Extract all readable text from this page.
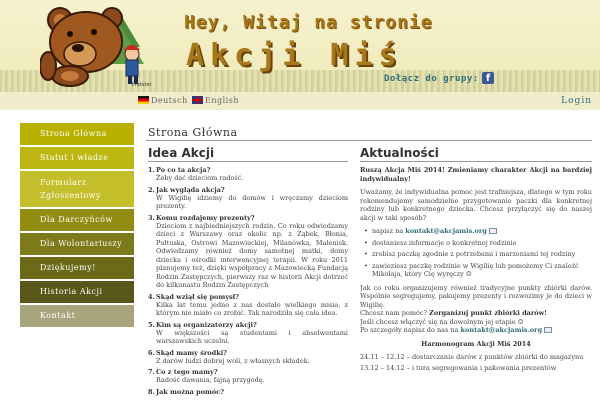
Pretstel
Hey, Witaj na stronie
Akcji Miś
Dołącz do grupy: f
Deutsch	English	Login
Strona Główna
Statut i władze
Formularz
Zgłoszeniowy
Dla Darczyńców
Dla Wolontariuszy
Dziękujemy!
Historia Akcji
Kontakt
Strona Główna
Idea Akcji	Aktualności
1. Po co ta akcja?
Żeby dać dzieciom radość.
2. Jak wygląda akcja?
W Wigilię idziemy do domów i wręczamy dzieciom prezenty.
3. Komu rozdajemy prezenty?
Dzieciom z najbiedniejszych rodzin. Co roku odwiedzamy dzieci z Warszawy oraz okolic np. z Ząbek, Błonia, Pułtuska, Ostrowi Mazowieckiej, Milanówka, Malenisk. Odwiedzamy również domy samotnej matki, domy dziecka i ośrodki interwencyjnej terapii. W roku 2011 planujemy też, dzięki współpracy z Mazowiecką Fundacją Rodzin Zastępczych, pierwszy raz w historii Akcji dotrzeć do kilkunastu Rodzin Zastępczych
4. Skąd wziął się pomysł?
Kilka lat temu jedno z nas dostało wielkiego misia, z którym nie miało co zrobić. Tak narodziła się cała idea.
5. Kim są organizatorzy akcji?
W większości są studentami i absolwentami warszawskich uczelni.
6. Skąd mamy środki?
Z darów ludzi dobrej woli, z własnych składek.
7. Co z tego mamy?
Radość dawania, fajną przygodę.
8. Jak można pomóc?

Ruszą Akcja Miś 2014! Zmieniamy charakter Akcji na bardziej indywidualny!

Uważamy, że indywidualna pomoc jest trafniejsza, dlatego w tym roku rekomendujemy samodzielne przygotowanie paczki dla konkretnej rodziny lub konkretnego dziecka. Chcesz przyłączyć się do naszej akcji w taki sposób?

• napisz na kontakt@akcjamis.org
• dostaniesz informacje o konkretnej rodzinie
• zrobisz paczkę zgodnie z potrzebami i marzeniami tej rodziny
• zawieziesz paczkę rodzinie w Wigilię lub pomożemy Ci znaleźć Mikołaja, który Cię wyręczy ☺

Jak co roku organizujemy również tradycyjne punkty zbiórki darów. Wspólnie segregujemy, pakujemy prezenty i rozwozimy je do dzieci w Wigilię.
Chcesz nam pomóc? Zorganizuj punkt zbiórki darów!
Jeśli chcesz włączyć się na dowolnym jej etapie ☺
Po szczegóły napisz do nas na kontakt@akcjamis.org

Harmonogram Akcji Miś 2014

24.11 – 12.12 – dostarczanie darów z punktów zbiórki do magazynu
13.12 – 14.12 – i tura segregowania i pakowania prezentów
